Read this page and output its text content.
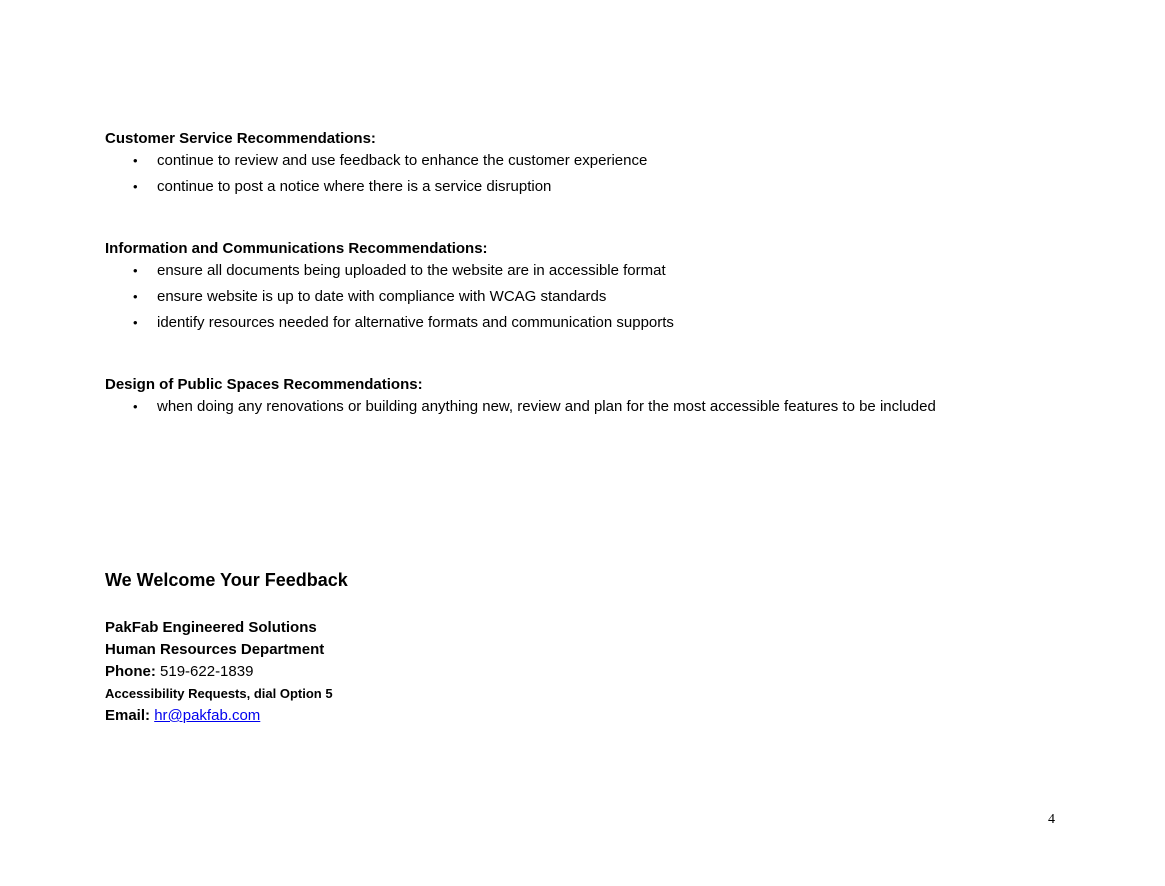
Customer Service Recommendations:
• continue to review and use feedback to enhance the customer experience
• continue to post a notice where there is a service disruption
Information and Communications Recommendations:
• ensure all documents being uploaded to the website are in accessible format
• ensure website is up to date with compliance with WCAG standards
• identify resources needed for alternative formats and communication supports
Design of Public Spaces Recommendations:
• when doing any renovations or building anything new, review and plan for the most accessible features to be included
We Welcome Your Feedback
PakFab Engineered Solutions
Human Resources Department
Phone: 519-622-1839
Accessibility Requests, dial Option 5
Email: hr@pakfab.com
4
